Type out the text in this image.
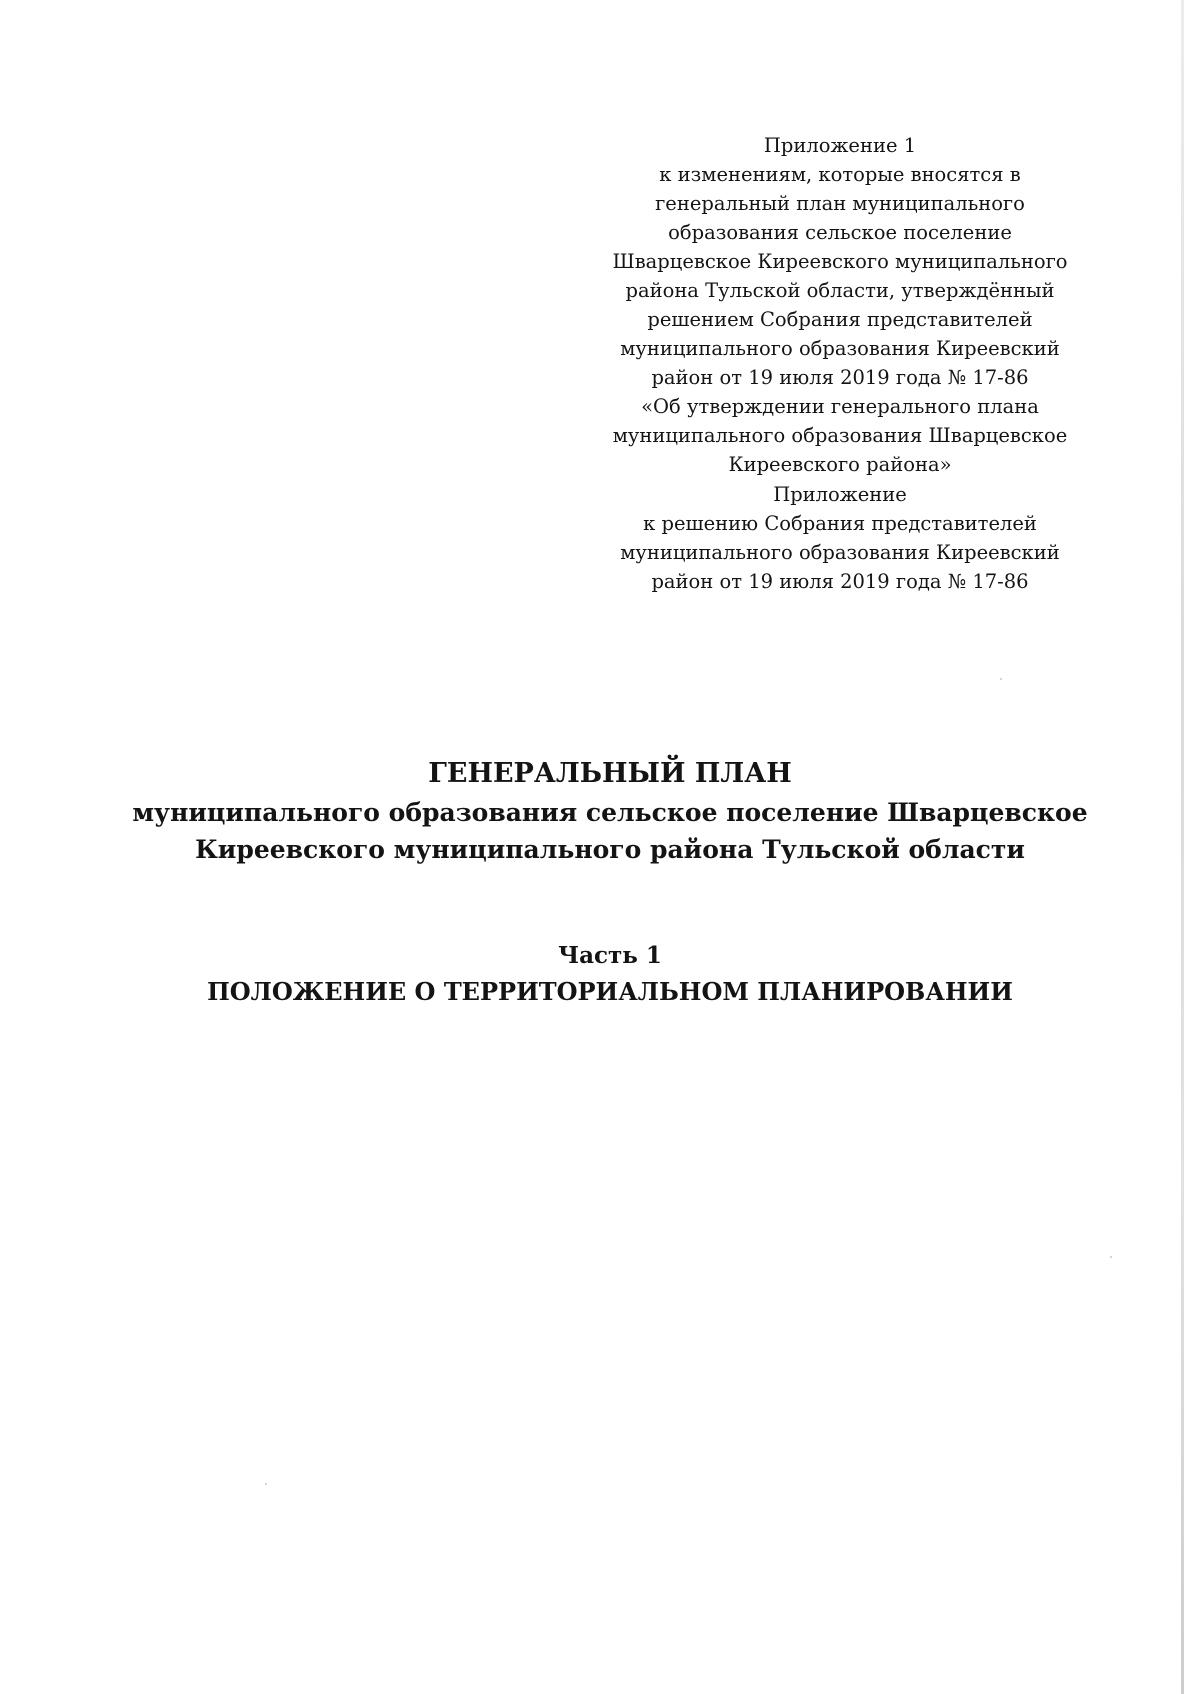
Приложение 1
к изменениям, которые вносятся в
генеральный план муниципального
образования сельское поселение
Шварцевское Киреевского муниципального
района Тульской области, утверждённый
решением Собрания представителей
муниципального образования Киреевский
район от 19 июля 2019 года № 17-86
«Об утверждении генерального плана
муниципального образования Шварцевское
Киреевского района»
Приложение
к решению Собрания представителей
муниципального образования Киреевский
район от 19 июля 2019 года № 17-86
ГЕНЕРАЛЬНЫЙ ПЛАН
муниципального образования сельское поселение Шварцевское
Киреевского муниципального района Тульской области
Часть 1
ПОЛОЖЕНИЕ О ТЕРРИТОРИАЛЬНОМ ПЛАНИРОВАНИИ
